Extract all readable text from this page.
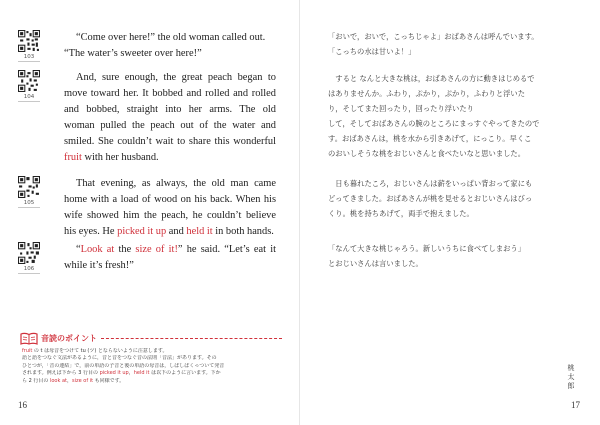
103
104
105
106

“Come over here!” the old woman called out.
“The water’s sweeter over here!”

And, sure enough, the great peach began to move toward her. It bobbed and rolled and rolled and bobbed, straight into her arms. The old woman pulled the peach out of the water and smiled. She couldn’t wait to share this wonderful fruit with her husband.

That evening, as always, the old man came home with a load of wood on his back. When his wife showed him the peach, he couldn’t believe his eyes. He picked it up and held it in both hands.

“Look at the size of it!” he said. “Let’s eat it while it’s fresh!”

音読のポイント
fruit の t は母音をつけて tu (ツ) とならないように注意します。
語と語をつなぐ文法があるように，音と音をつなぐ音の法則「音法」があります。その
ひとつが，「音の連結」で，前の単語の子音と後の単語の母音は，しばしばくっついて発音
されます。例えば下から 3 行目の picked it up，held it は以下のように言います。下か
ら 2 行目の look at，size of it も同様です。
16
「おいで，おいで，こっちじゃよ」おばあさんは呼んでいます。
「こっちの水は甘いよ！」
　すると なんと大きな桃は，おばあさんの方に動きはじめるで
はありませんか。ふわり，ぷかり，ぷかり，ふわりと浮いた
り，そしてまた回ったり，回ったり浮いたり
して，そしておばあさんの腕のところにまっすぐやってきたので
す。おばあさんは，桃を水から引きあげて，にっこり。早くこ
のおいしそうな桃をおじいさんと食べたいなと思いました。
　日も暮れたころ，おじいさんは薪をいっぱい背おって家にも
どってきました。おばあさんが桃を見せるとおじいさんはびっ
くり。桃を持ちあげて，両手で抱えました。
「なんて大きな桃じゃろう。新しいうちに食べてしまおう」
とおじいさんは言いました。
桃太郎
17
